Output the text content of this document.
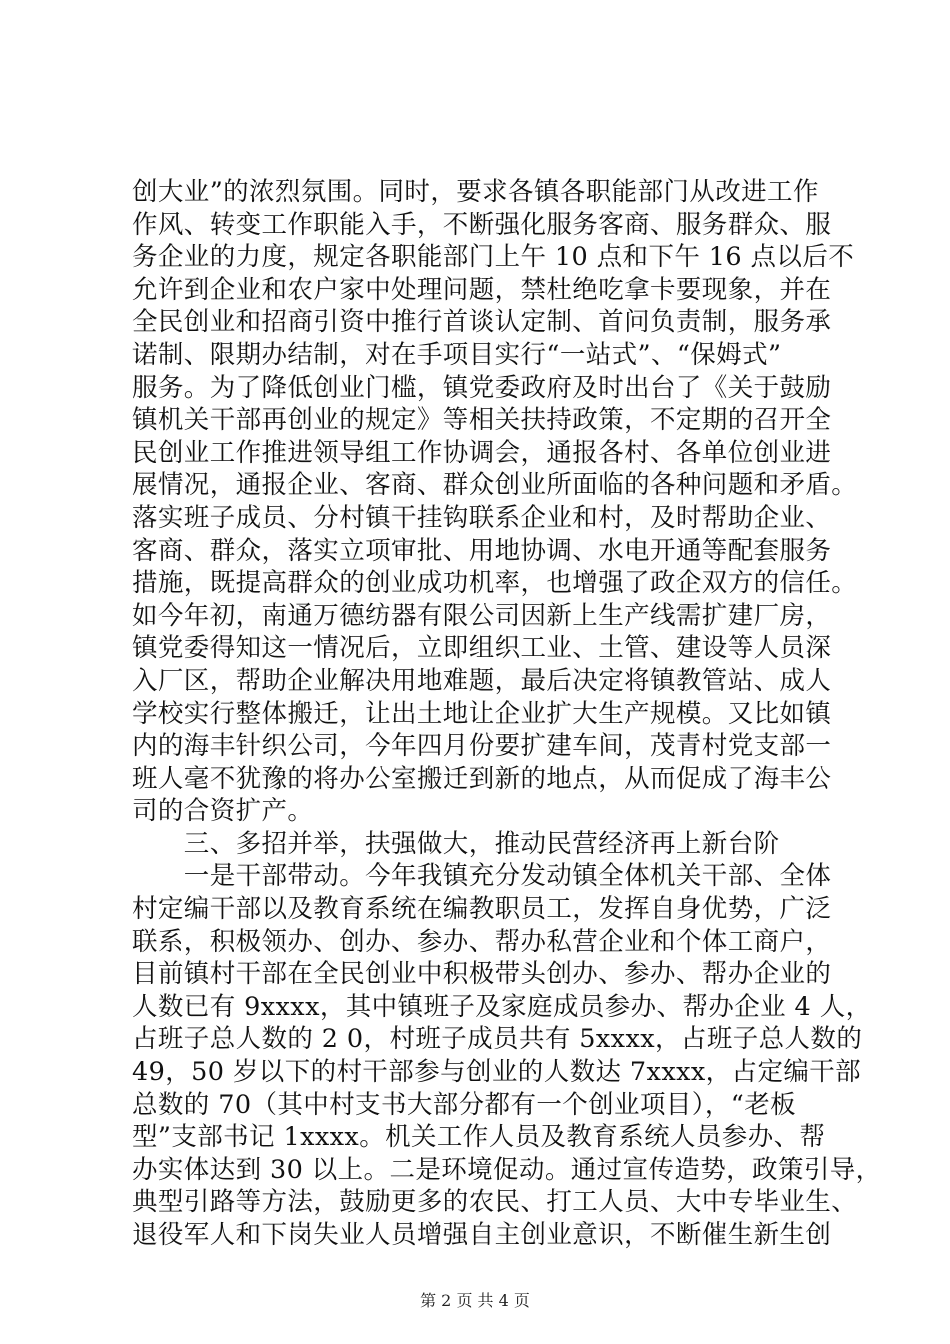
创大业”的浓烈氛围。同时，要求各镇各职能部门从改进工作
作风、转变工作职能入手，不断强化服务客商、服务群众、服
务企业的力度，规定各职能部门上午 10 点和下午 16 点以后不
允许到企业和农户家中处理问题，禁杜绝吃拿卡要现象，并在
全民创业和招商引资中推行首谈认定制、首问负责制，服务承
诺制、限期办结制，对在手项目实行“一站式”、“保姆式”
服务。为了降低创业门槛，镇党委政府及时出台了《关于鼓励
镇机关干部再创业的规定》等相关扶持政策，不定期的召开全
民创业工作推进领导组工作协调会，通报各村、各单位创业进
展情况，通报企业、客商、群众创业所面临的各种问题和矛盾。
落实班子成员、分村镇干挂钩联系企业和村，及时帮助企业、
客商、群众，落实立项审批、用地协调、水电开通等配套服务
措施，既提高群众的创业成功机率，也增强了政企双方的信任。
如今年初，南通万德纺器有限公司因新上生产线需扩建厂房，
镇党委得知这一情况后，立即组织工业、土管、建设等人员深
入厂区，帮助企业解决用地难题，最后决定将镇教管站、成人
学校实行整体搬迁，让出土地让企业扩大生产规模。又比如镇
内的海丰针织公司，今年四月份要扩建车间，茂青村党支部一
班人毫不犹豫的将办公室搬迁到新的地点，从而促成了海丰公
司的合资扩产。
　　三、多招并举，扶强做大，推动民营经济再上新台阶
　　一是干部带动。今年我镇充分发动镇全体机关干部、全体
村定编干部以及教育系统在编教职员工，发挥自身优势，广泛
联系，积极领办、创办、参办、帮办私营企业和个体工商户，
目前镇村干部在全民创业中积极带头创办、参办、帮办企业的
人数已有 9xxxx，其中镇班子及家庭成员参办、帮办企业 4 人，
占班子总人数的 2 0，村班子成员共有 5xxxx，占班子总人数的
49，50 岁以下的村干部参与创业的人数达 7xxxx，占定编干部
总数的 70（其中村支书大部分都有一个创业项目），“老板
型”支部书记 1xxxx。机关工作人员及教育系统人员参办、帮
办实体达到 30 以上。二是环境促动。通过宣传造势，政策引导，
典型引路等方法，鼓励更多的农民、打工人员、大中专毕业生、
退役军人和下岗失业人员增强自主创业意识，不断催生新生创
第 2 页 共 4 页
